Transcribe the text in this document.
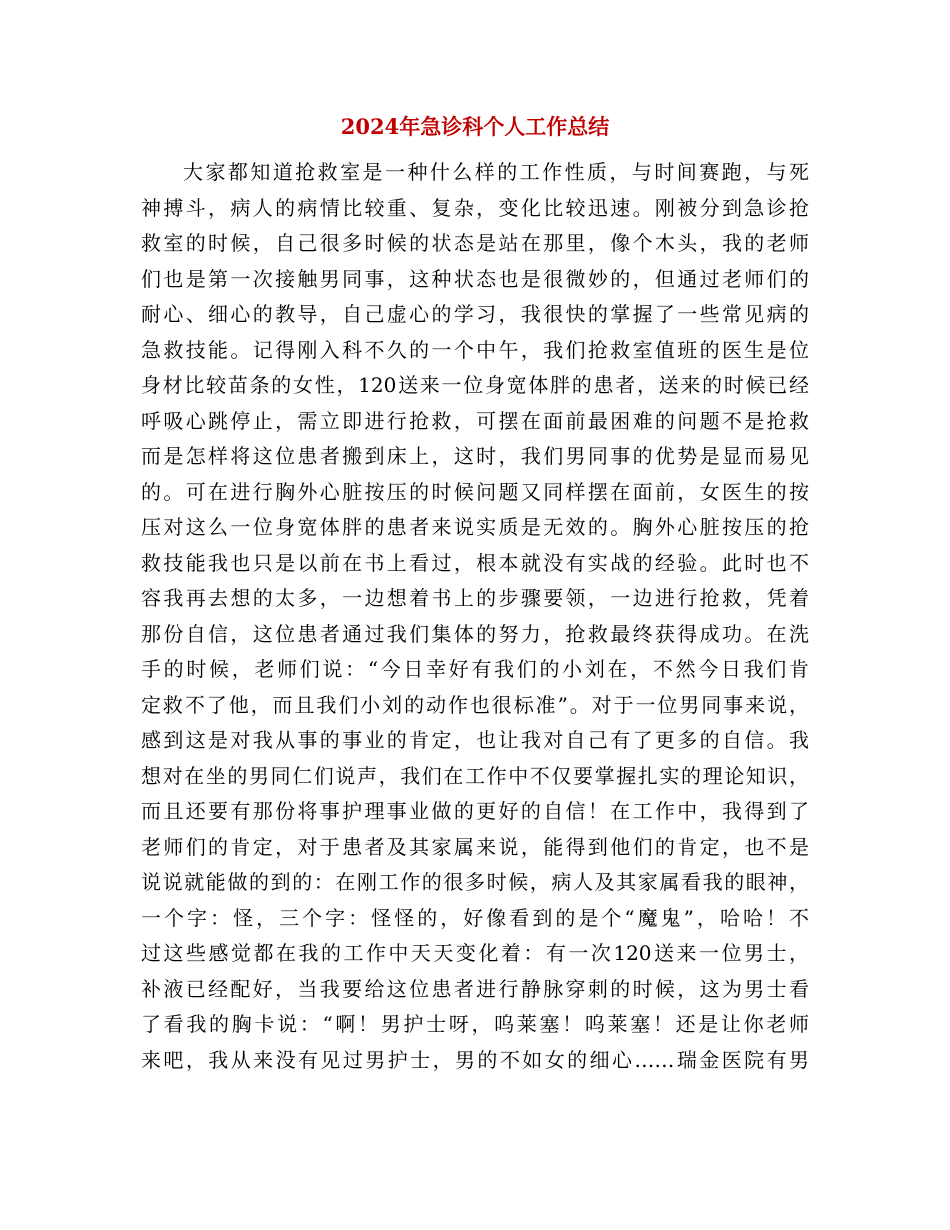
2024年急诊科个人工作总结
大家都知道抢救室是一种什么样的工作性质，与时间赛跑，与死
神搏斗，病人的病情比较重、复杂，变化比较迅速。刚被分到急诊抢
救室的时候，自己很多时候的状态是站在那里，像个木头，我的老师
们也是第一次接触男同事，这种状态也是很微妙的，但通过老师们的
耐心、细心的教导，自己虚心的学习，我很快的掌握了一些常见病的
急救技能。记得刚入科不久的一个中午，我们抢救室值班的医生是位
身材比较苗条的女性，120送来一位身宽体胖的患者，送来的时候已经
呼吸心跳停止，需立即进行抢救，可摆在面前最困难的问题不是抢救
而是怎样将这位患者搬到床上，这时，我们男同事的优势是显而易见
的。可在进行胸外心脏按压的时候问题又同样摆在面前，女医生的按
压对这么一位身宽体胖的患者来说实质是无效的。胸外心脏按压的抢
救技能我也只是以前在书上看过，根本就没有实战的经验。此时也不
容我再去想的太多，一边想着书上的步骤要领，一边进行抢救，凭着
那份自信，这位患者通过我们集体的努力，抢救最终获得成功。在洗
手的时候，老师们说：“今日幸好有我们的小刘在，不然今日我们肯
定救不了他，而且我们小刘的动作也很标准”。对于一位男同事来说，
感到这是对我从事的事业的肯定，也让我对自己有了更多的自信。我
想对在坐的男同仁们说声，我们在工作中不仅要掌握扎实的理论知识，
而且还要有那份将事护理事业做的更好的自信！在工作中，我得到了
老师们的肯定，对于患者及其家属来说，能得到他们的肯定，也不是
说说就能做的到的：在刚工作的很多时候，病人及其家属看我的眼神，
一个字：怪，三个字：怪怪的，好像看到的是个“魔鬼”，哈哈！不
过这些感觉都在我的工作中天天变化着：有一次120送来一位男士，
补液已经配好，当我要给这位患者进行静脉穿刺的时候，这为男士看
了看我的胸卡说：“啊！男护士呀，呜莱塞！呜莱塞！还是让你老师
来吧，我从来没有见过男护士，男的不如女的细心……瑞金医院有男
